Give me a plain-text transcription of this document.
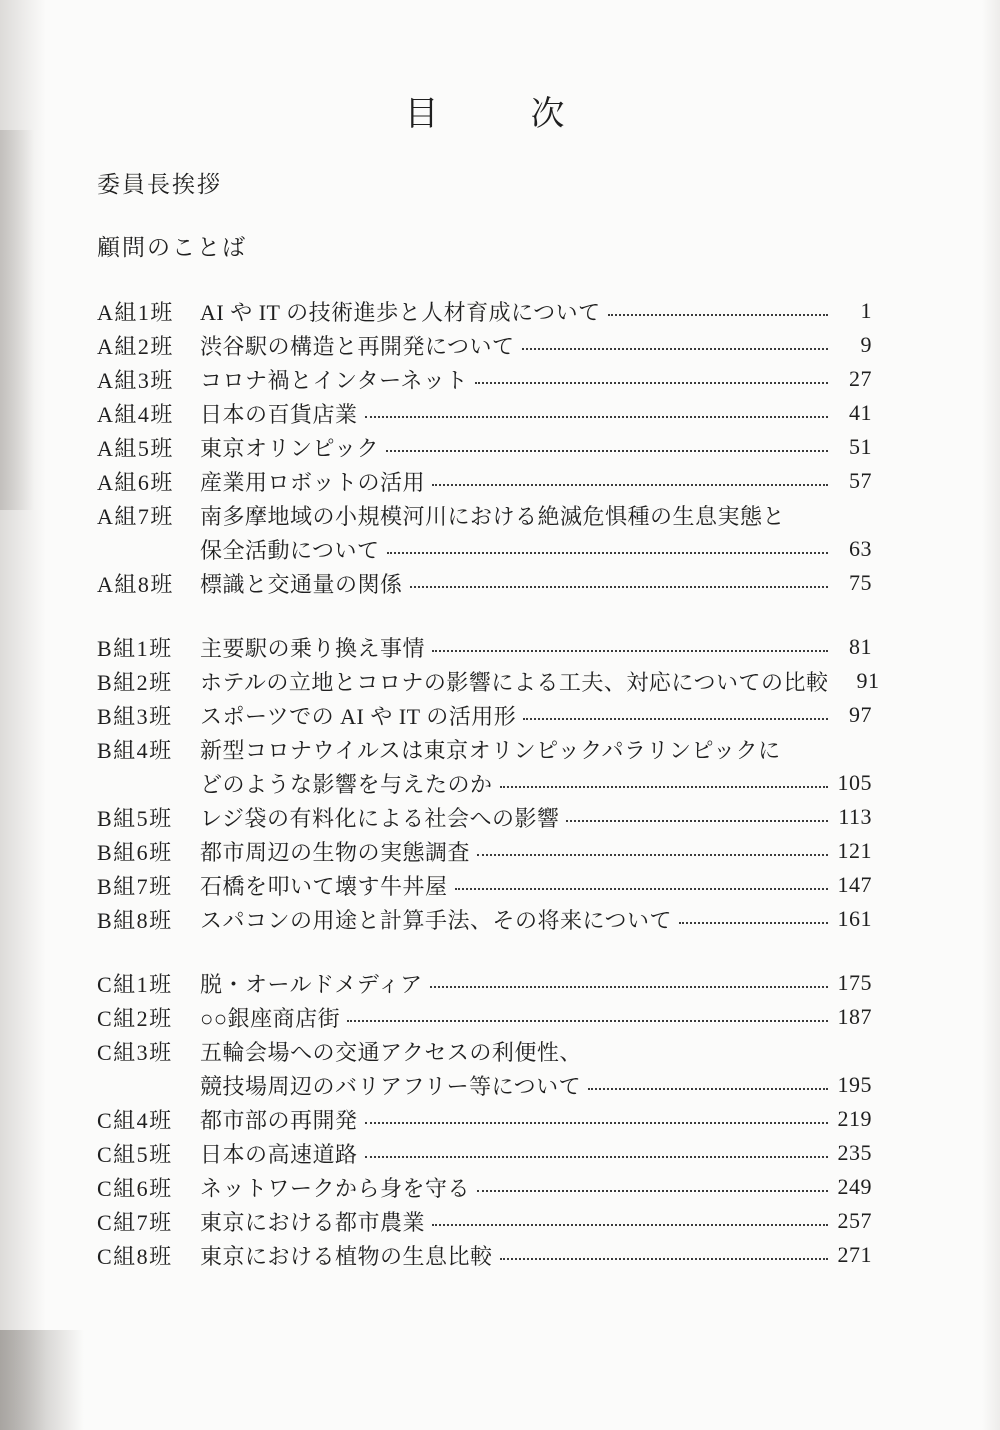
目	次
委員長挨拶
顧問のことば
A組1班	AI や IT の技術進歩と人材育成について	1
A組2班	渋谷駅の構造と再開発について	9
A組3班	コロナ禍とインターネット	27
A組4班	日本の百貨店業	41
A組5班	東京オリンピック	51
A組6班	産業用ロボットの活用	57
A組7班	南多摩地域の小規模河川における絶滅危惧種の生息実態と
保全活動について	63
A組8班	標識と交通量の関係	75
B組1班	主要駅の乗り換え事情	81
B組2班	ホテルの立地とコロナの影響による工夫、対応についての比較	91
B組3班	スポーツでの AI や IT の活用形	97
B組4班	新型コロナウイルスは東京オリンピックパラリンピックに
どのような影響を与えたのか	105
B組5班	レジ袋の有料化による社会への影響	113
B組6班	都市周辺の生物の実態調査	121
B組7班	石橋を叩いて壊す牛丼屋	147
B組8班	スパコンの用途と計算手法、その将来について	161
C組1班	脱・オールドメディア	175
C組2班	○○銀座商店街	187
C組3班	五輪会場への交通アクセスの利便性、
競技場周辺のバリアフリー等について	195
C組4班	都市部の再開発	219
C組5班	日本の高速道路	235
C組6班	ネットワークから身を守る	249
C組7班	東京における都市農業	257
C組8班	東京における植物の生息比較	271
